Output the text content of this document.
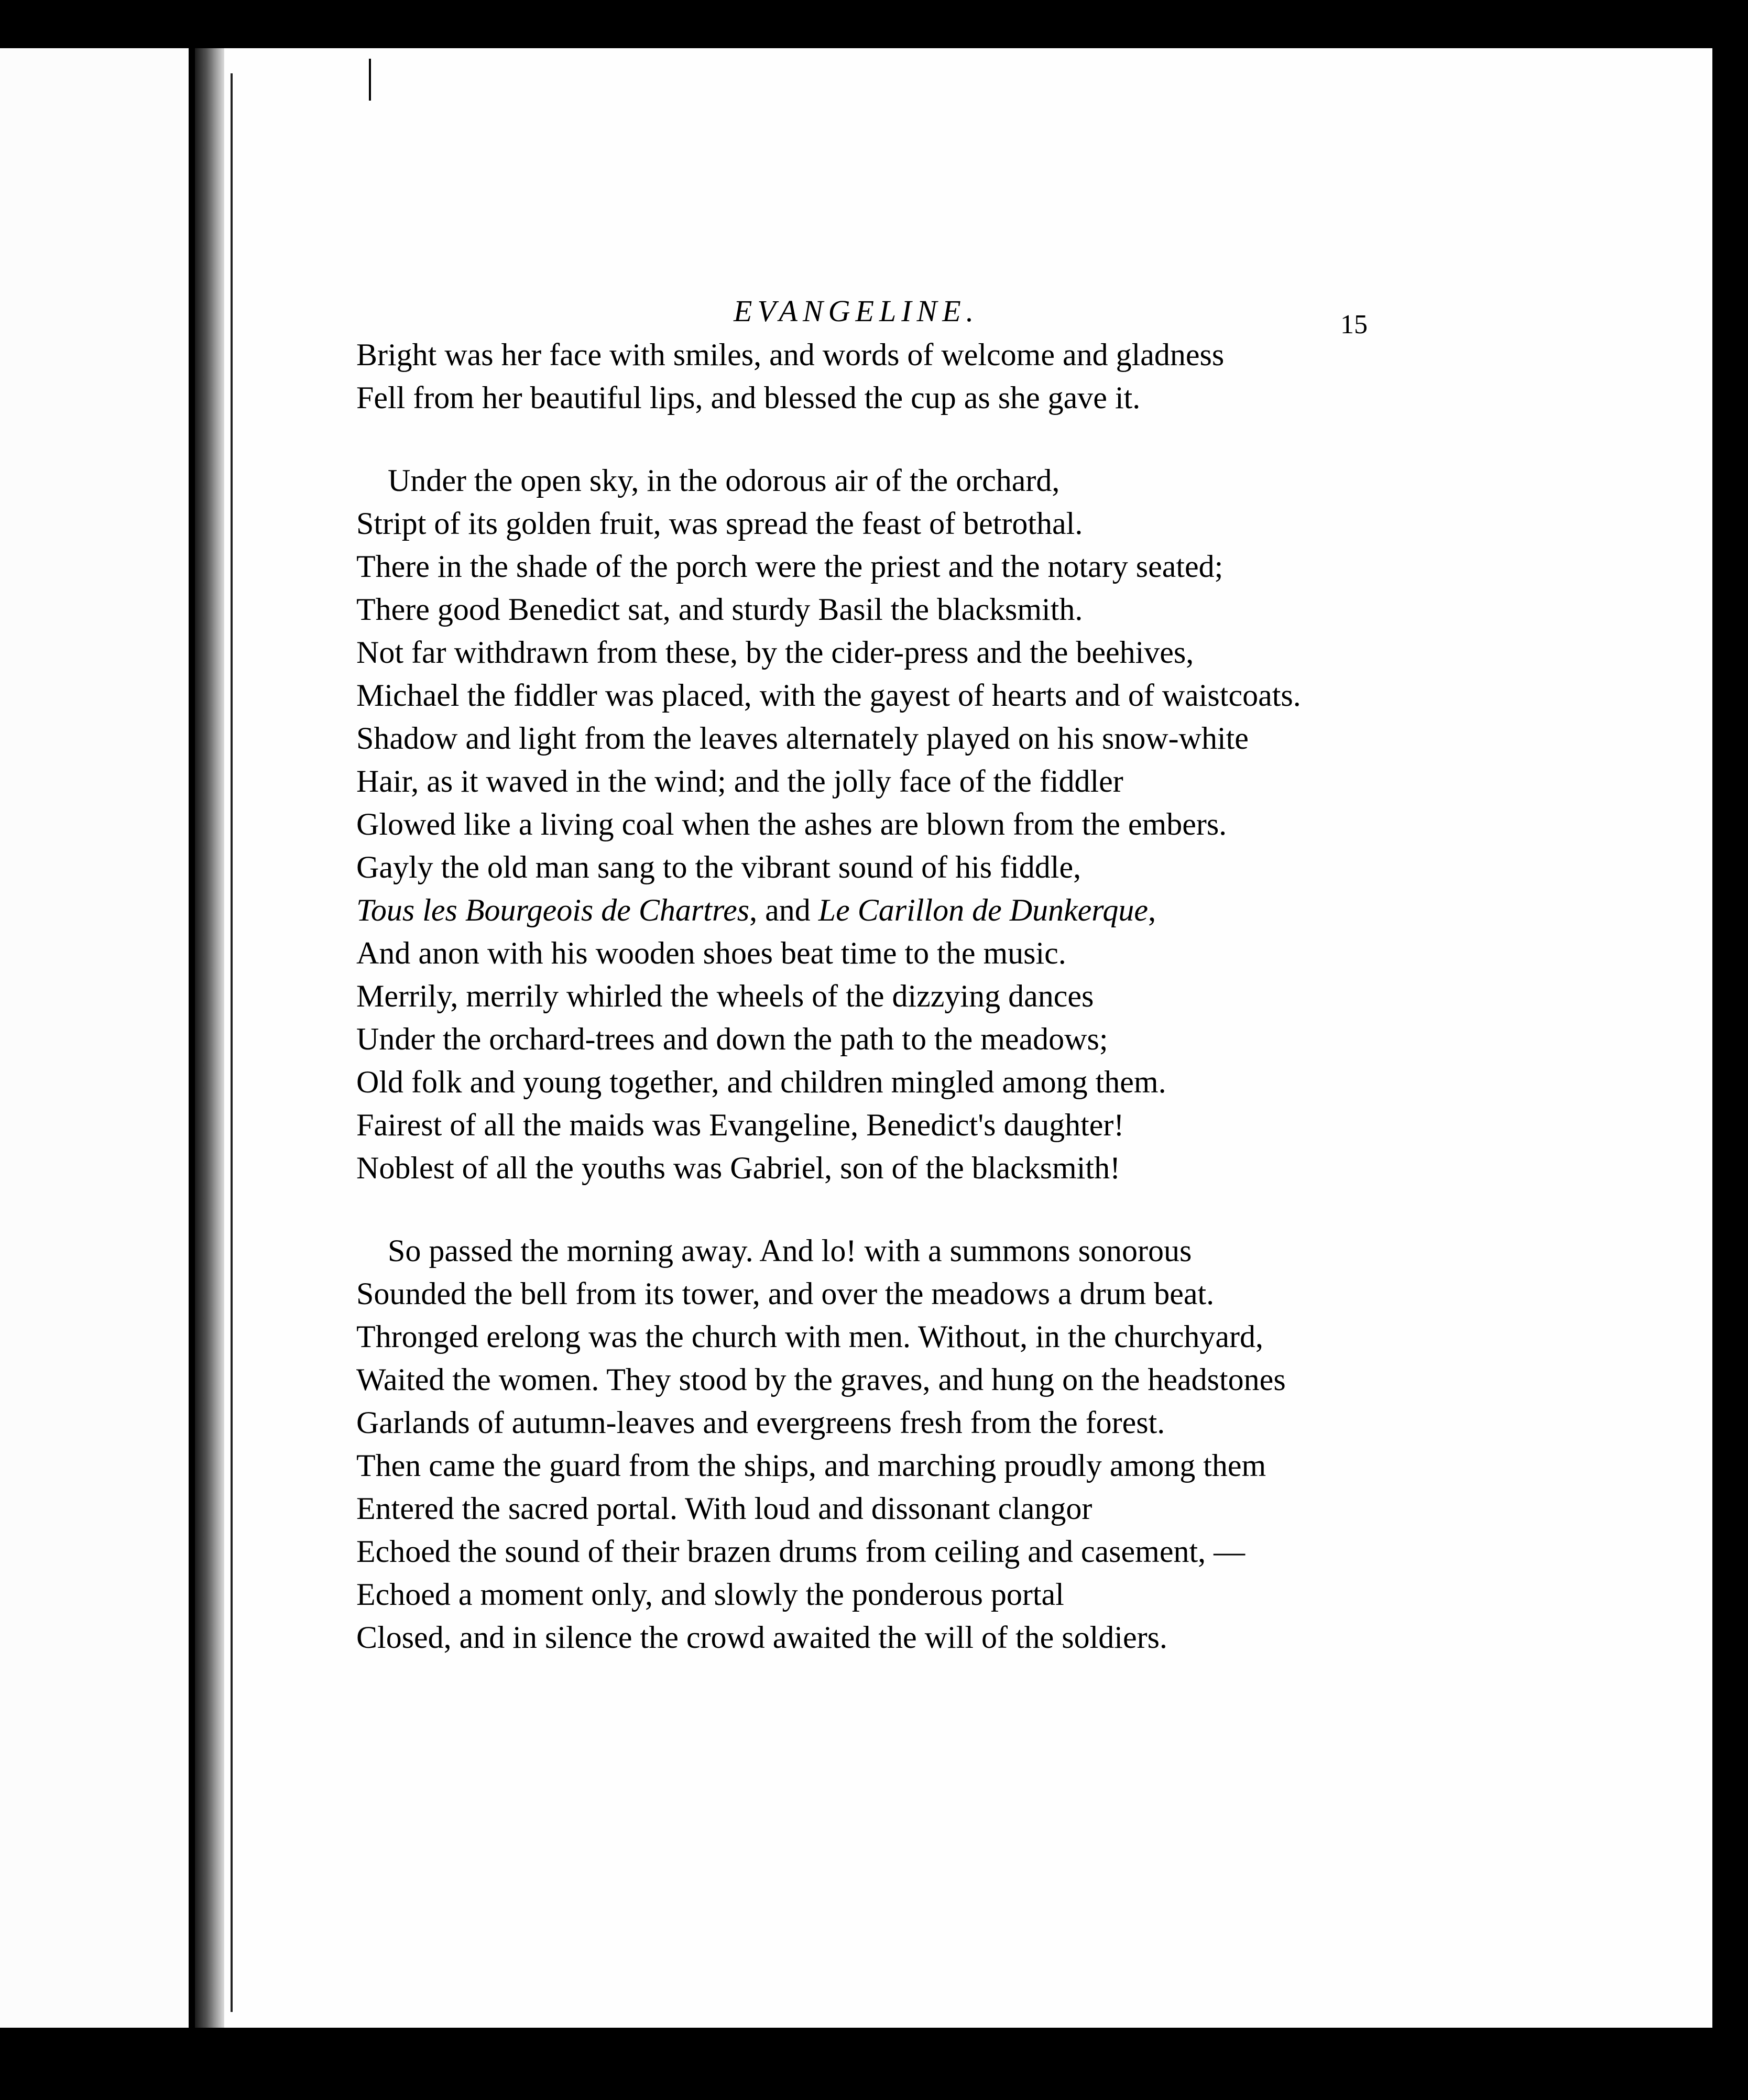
EVANGELINE.	15
Bright was her face with smiles, and words of welcome and gladness
Fell from her beautiful lips, and blessed the cup as she gave it.
Under the open sky, in the odorous air of the orchard,
Stript of its golden fruit, was spread the feast of betrothal.
There in the shade of the porch were the priest and the notary seated;
There good Benedict sat, and sturdy Basil the blacksmith.
Not far withdrawn from these, by the cider-press and the beehives,
Michael the fiddler was placed, with the gayest of hearts and of waistcoats.
Shadow and light from the leaves alternately played on his snow-white
Hair, as it waved in the wind; and the jolly face of the fiddler
Glowed like a living coal when the ashes are blown from the embers.
Gayly the old man sang to the vibrant sound of his fiddle,
Tous les Bourgeois de Chartres, and Le Carillon de Dunkerque,
And anon with his wooden shoes beat time to the music.
Merrily, merrily whirled the wheels of the dizzying dances
Under the orchard-trees and down the path to the meadows;
Old folk and young together, and children mingled among them.
Fairest of all the maids was Evangeline, Benedict's daughter!
Noblest of all the youths was Gabriel, son of the blacksmith!
So passed the morning away. And lo! with a summons sonorous
Sounded the bell from its tower, and over the meadows a drum beat.
Thronged erelong was the church with men. Without, in the churchyard,
Waited the women. They stood by the graves, and hung on the headstones
Garlands of autumn-leaves and evergreens fresh from the forest.
Then came the guard from the ships, and marching proudly among them
Entered the sacred portal. With loud and dissonant clangor
Echoed the sound of their brazen drums from ceiling and casement, —
Echoed a moment only, and slowly the ponderous portal
Closed, and in silence the crowd awaited the will of the soldiers.
